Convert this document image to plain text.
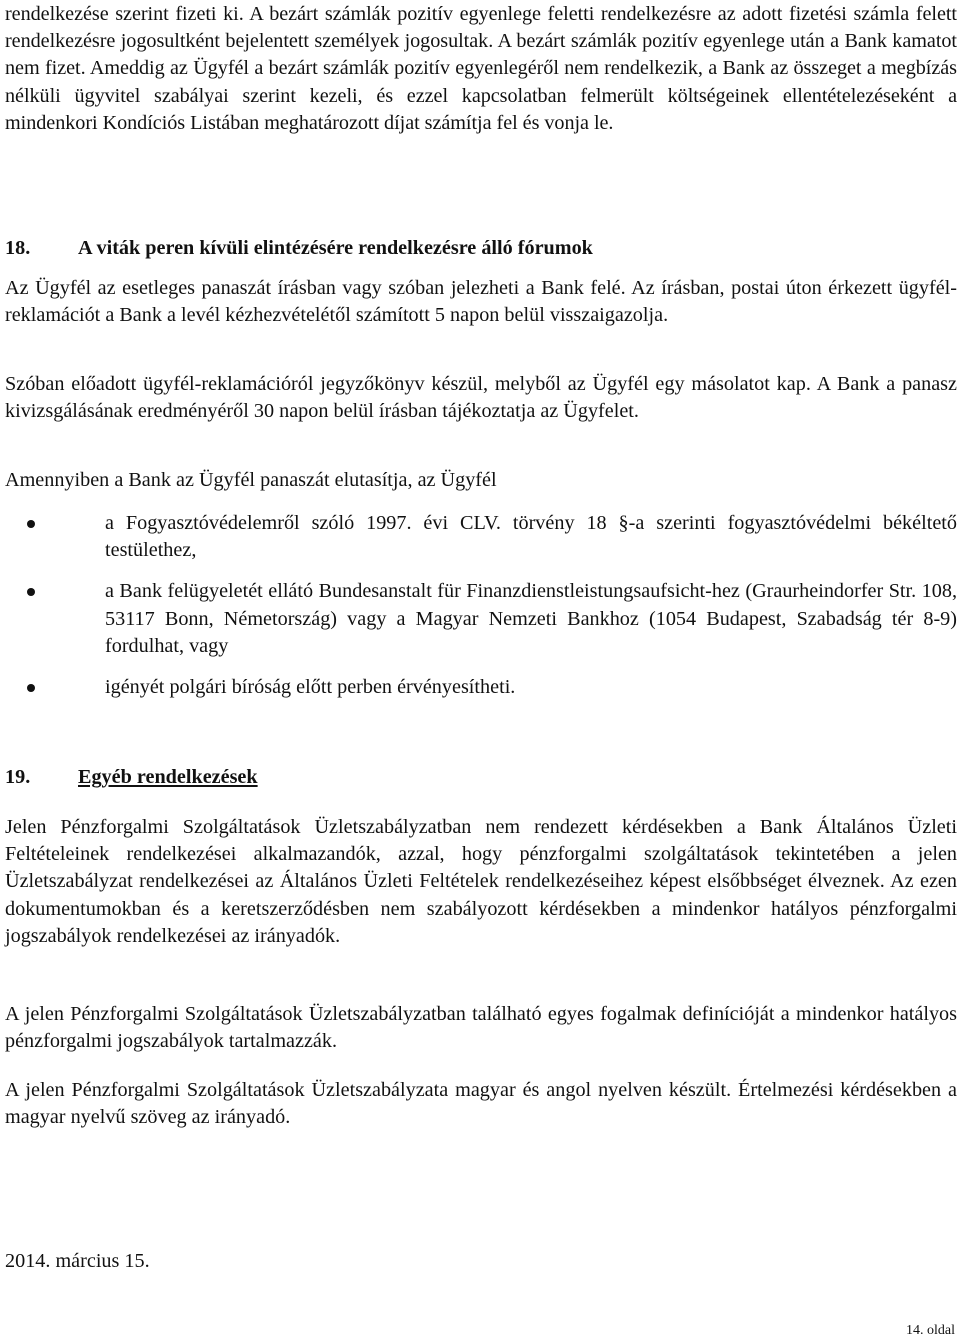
rendelkezése szerint fizeti ki. A bezárt számlák pozitív egyenlege feletti rendelkezésre az adott fizetési számla felett rendelkezésre jogosultként bejelentett személyek jogosultak. A bezárt számlák pozitív egyenlege után a Bank kamatot nem fizet. Ameddig az Ügyfél a bezárt számlák pozitív egyenlegéről nem rendelkezik, a Bank az összeget a megbízás nélküli ügyvitel szabályai szerint kezeli, és ezzel kapcsolatban felmerült költségeinek ellentételezéseként a mindenkori Kondíciós Listában meghatározott díjat számítja fel és vonja le.

18. A viták peren kívüli elintézésére rendelkezésre álló fórumok

Az Ügyfél az esetleges panaszát írásban vagy szóban jelezheti a Bank felé. Az írásban, postai úton érkezett ügyfél-reklamációt a Bank a levél kézhezvételétől számított 5 napon belül visszaigazolja.

Szóban előadott ügyfél-reklamációról jegyzőkönyv készül, melyből az Ügyfél egy másolatot kap. A Bank a panasz kivizsgálásának eredményéről 30 napon belül írásban tájékoztatja az Ügyfelet.

Amennyiben a Bank az Ügyfél panaszát elutasítja, az Ügyfél

a Fogyasztóvédelemről szóló 1997. évi CLV. törvény 18 §-a szerinti fogyasztóvédelmi békéltető testülethez,
a Bank felügyeletét ellátó Bundesanstalt für Finanzdienstleistungsaufsicht-hez (Graurheindorfer Str. 108, 53117 Bonn, Németország) vagy a Magyar Nemzeti Bankhoz (1054 Budapest, Szabadság tér 8-9) fordulhat, vagy
igényét polgári bíróság előtt perben érvényesítheti.
19. Egyéb rendelkezések

Jelen Pénzforgalmi Szolgáltatások Üzletszabályzatban nem rendezett kérdésekben a Bank Általános Üzleti Feltételeinek rendelkezései alkalmazandók, azzal, hogy pénzforgalmi szolgáltatások tekintetében a jelen Üzletszabályzat rendelkezései az Általános Üzleti Feltételek rendelkezéseihez képest elsőbbséget élveznek. Az ezen dokumentumokban és a keretszerződésben nem szabályozott kérdésekben a mindenkor hatályos pénzforgalmi jogszabályok rendelkezései az irányadók.

A jelen Pénzforgalmi Szolgáltatások Üzletszabályzatban található egyes fogalmak definícióját a mindenkor hatályos pénzforgalmi jogszabályok tartalmazzák.

A jelen Pénzforgalmi Szolgáltatások Üzletszabályzata magyar és angol nyelven készült. Értelmezési kérdésekben a magyar nyelvű szöveg az irányadó.

2014. március 15.
14. oldal
